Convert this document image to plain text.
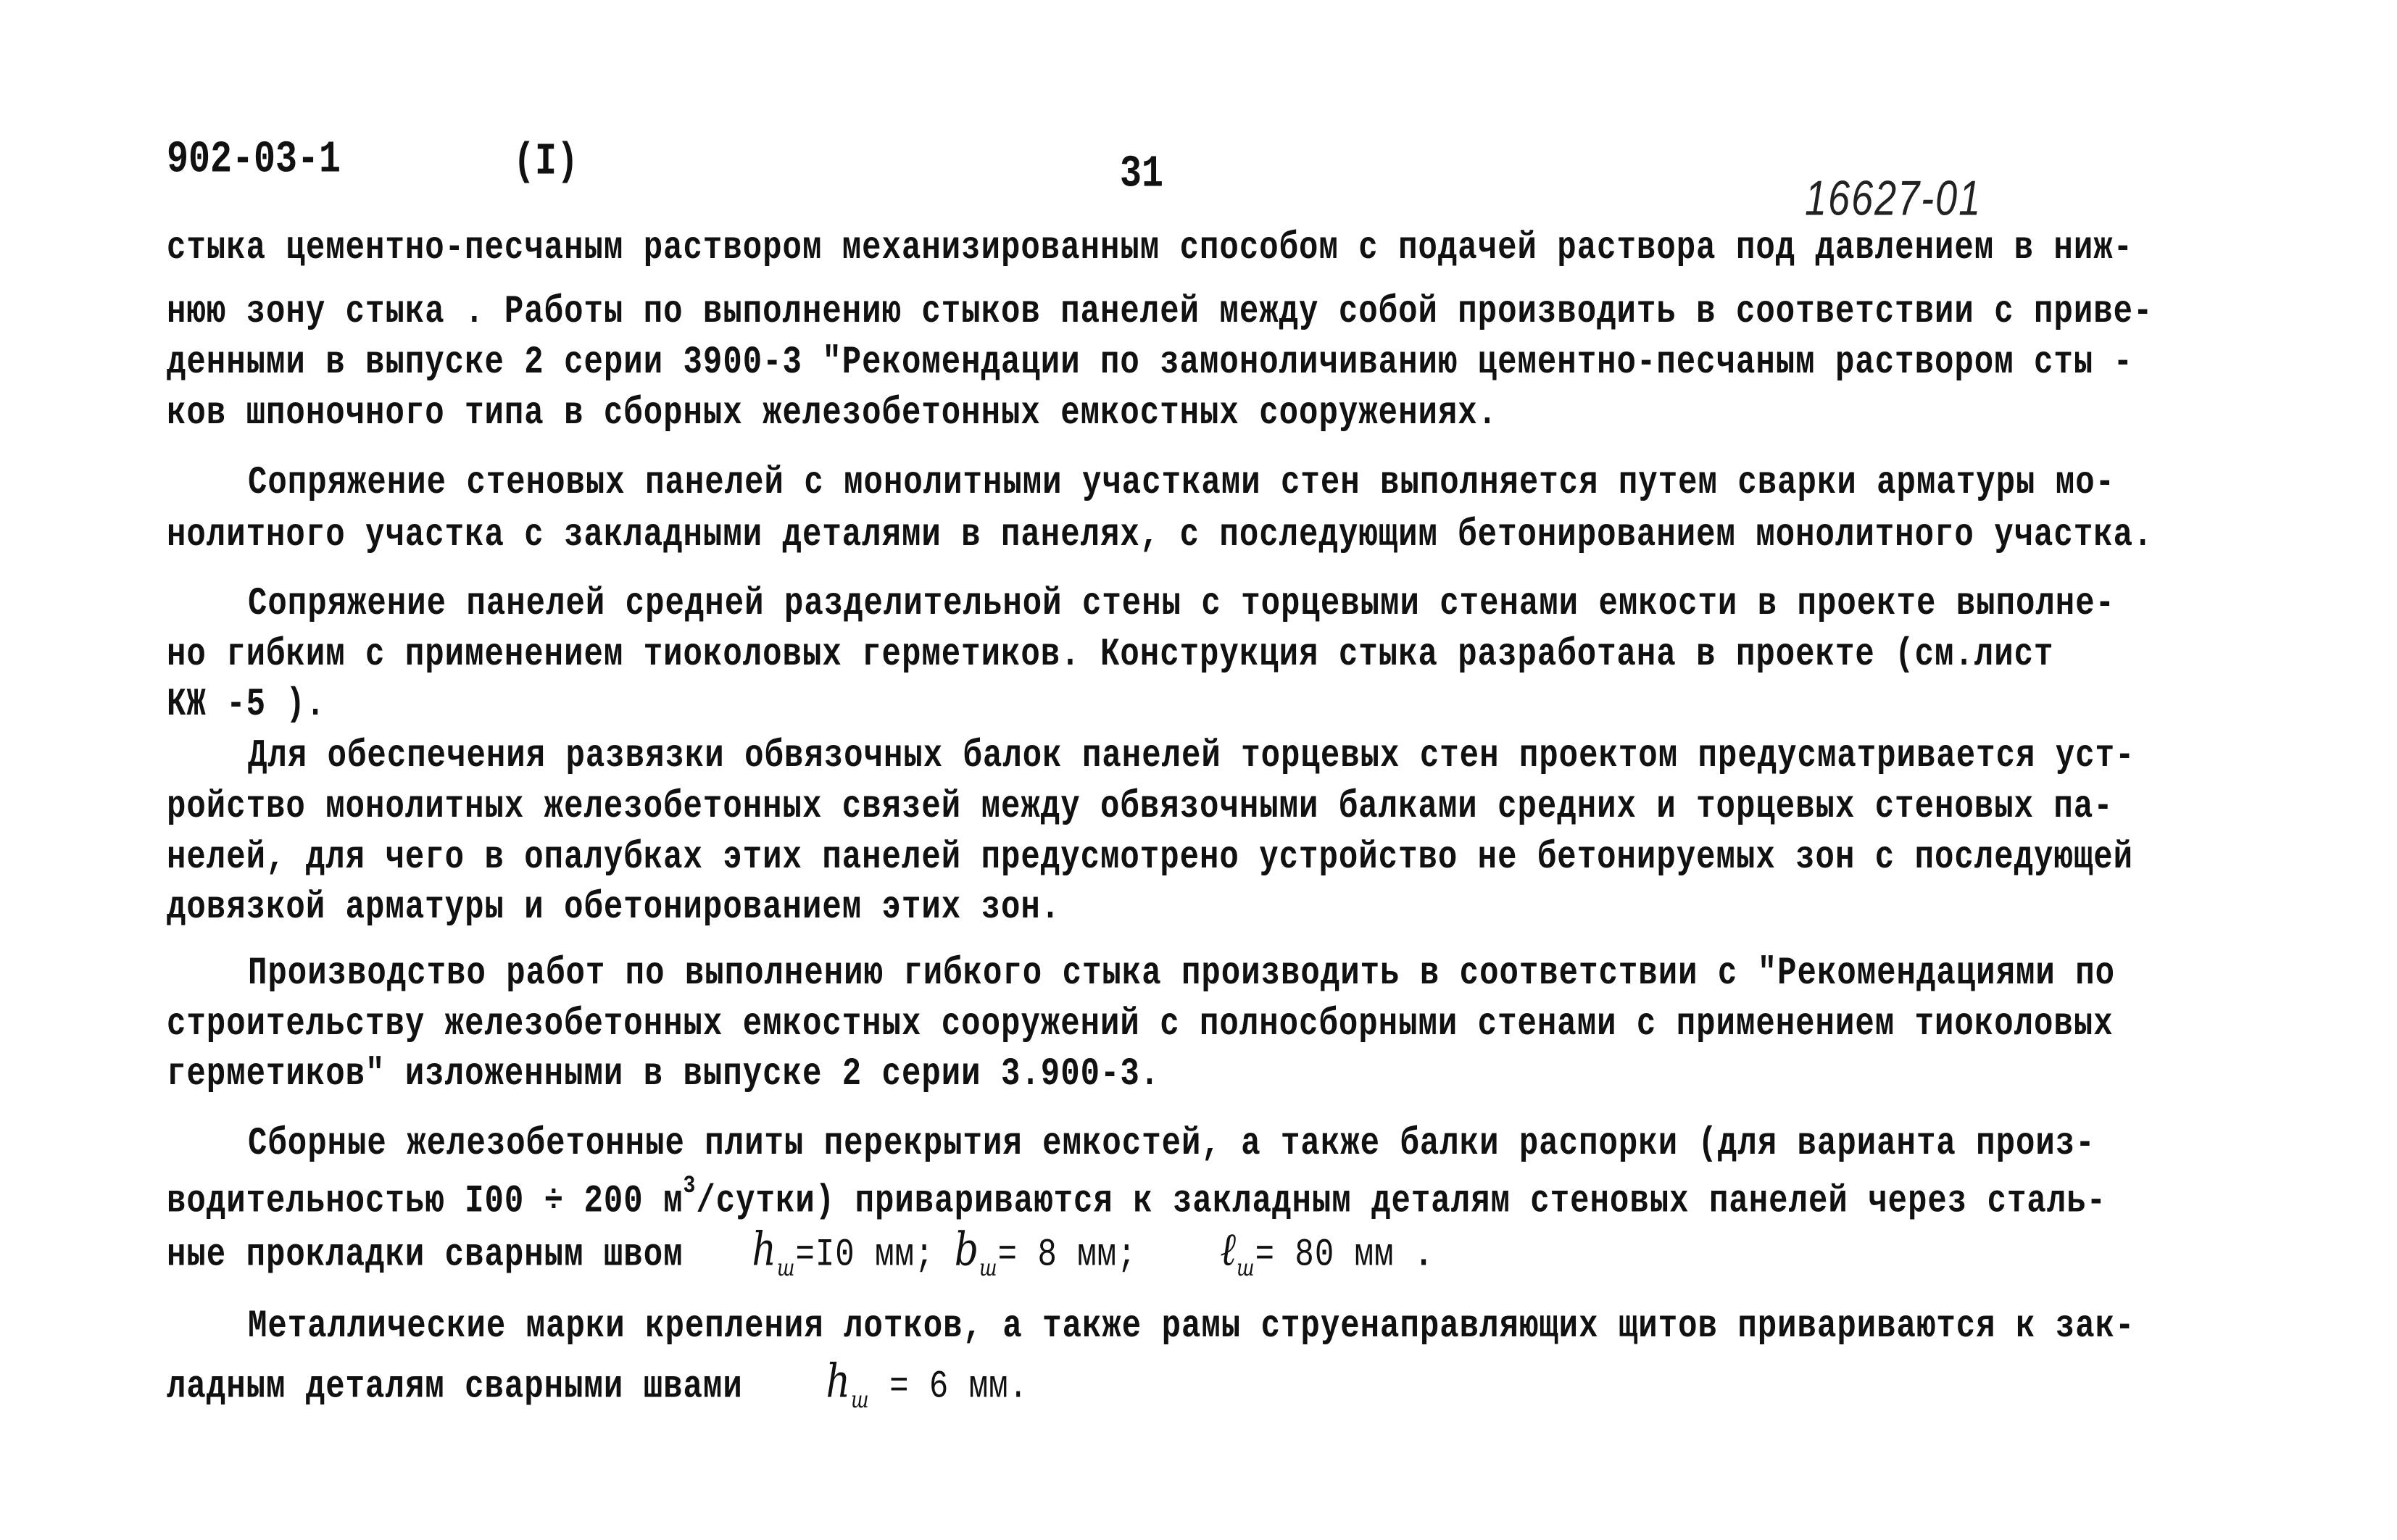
902-03-1	(I)	31	16627-01
стыка цементно-песчаным раствором механизированным способом с подачей раствора под давлением в ниж-
нюю зону стыка . Работы по выполнению стыков панелей между собой производить в соответствии с приве-
денными в выпуске 2 серии 3900-3 "Рекомендации по замоноличиванию цементно-песчаным раствором сты -
ков шпоночного типа в сборных железобетонных емкостных сооружениях.
Сопряжение стеновых панелей с монолитными участками стен выполняется путем сварки арматуры мо-
нолитного участка с закладными деталями в панелях, с последующим бетонированием монолитного участка.
Сопряжение панелей средней разделительной стены с торцевыми стенами емкости в проекте выполне-
но гибким с применением тиоколовых герметиков. Конструкция стыка разработана в проекте (см.лист
КЖ -5 ).
Для обеспечения развязки обвязочных балок панелей торцевых стен проектом предусматривается уст-
ройство монолитных железобетонных связей между обвязочными балками средних и торцевых стеновых па-
нелей, для чего в опалубках этих панелей предусмотрено устройство не бетонируемых зон с последующей
довязкой арматуры и обетонированием этих зон.
Производство работ по выполнению гибкого стыка производить в соответствии с "Рекомендациями по
строительству железобетонных емкостных сооружений с полносборными стенами с применением тиоколовых
герметиков" изложенными в выпуске 2 серии 3.900-3.
Сборные железобетонные плиты перекрытия емкостей, а также балки распорки (для варианта произ-
водительностью I00 ÷ 200 $м^3/сутки$) привариваются к закладным деталям стеновых панелей через сталь-
ные прокладки сварным швом $h_ш=I0$ мм; $b_ш= 8$ мм; ℓ$_ш$= 80 мм .
Металлические марки крепления лотков, а также рамы струенаправляющих щитов привариваются к зак-
ладным деталям сварными швами $h_ш = 6$ мм.
